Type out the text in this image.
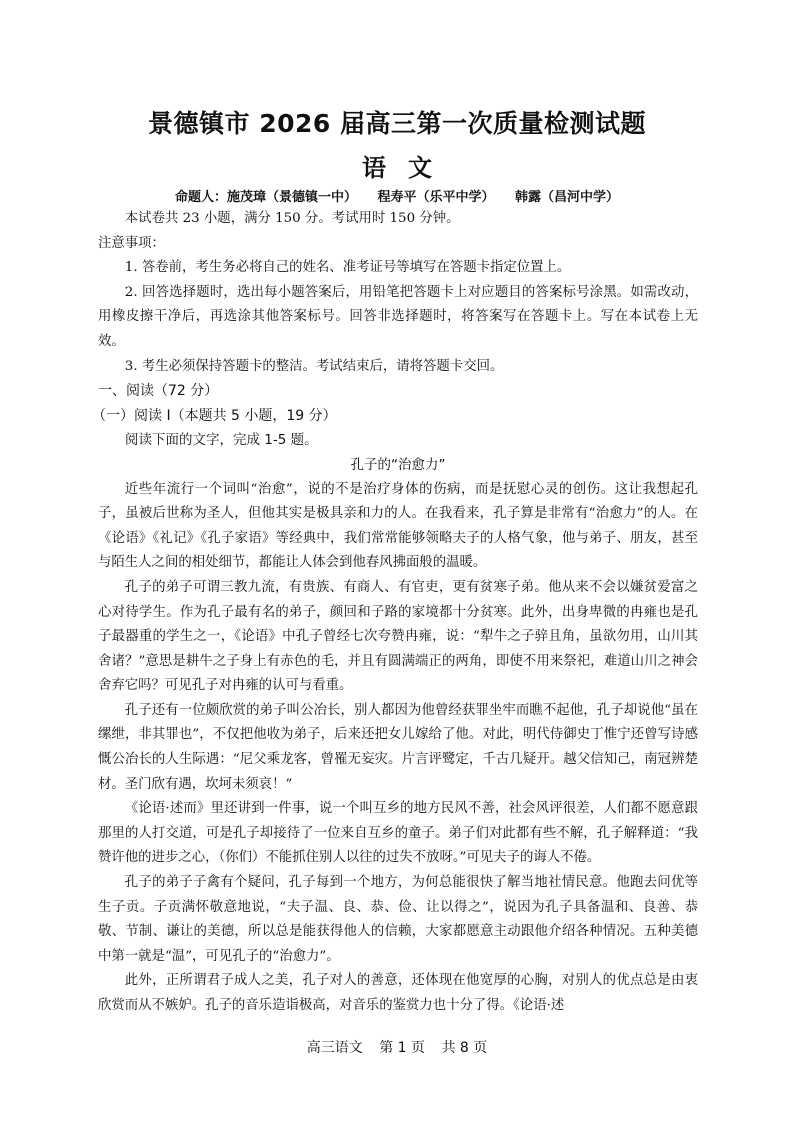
景德镇市 2026 届高三第一次质量检测试题
语文
命题人：施茂璋（景德镇一中） 程寿平（乐平中学） 韩露（昌河中学）

本试卷共 23 小题，满分 150 分。考试用时 150 分钟。

注意事项：

1. 答卷前，考生务必将自己的姓名、准考证号等填写在答题卡指定位置上。

2. 回答选择题时，选出每小题答案后，用铅笔把答题卡上对应题目的答案标号涂黑。如需改动，用橡皮擦干净后，再选涂其他答案标号。回答非选择题时，将答案写在答题卡上。写在本试卷上无效。

3. 考生必须保持答题卡的整洁。考试结束后，请将答题卡交回。

一、阅读（72 分）

（一）阅读 I（本题共 5 小题，19 分）

阅读下面的文字，完成 1-5 题。

孔子的“治愈力”

近些年流行一个词叫“治愈”，说的不是治疗身体的伤病，而是抚慰心灵的创伤。这让我想起孔子，虽被后世称为圣人，但他其实是极具亲和力的人。在我看来，孔子算是非常有“治愈力”的人。在《论语》《礼记》《孔子家语》等经典中，我们常常能够领略夫子的人格气象，他与弟子、朋友，甚至与陌生人之间的相处细节，都能让人体会到他春风拂面般的温暖。

孔子的弟子可谓三教九流，有贵族、有商人、有官吏，更有贫寒子弟。他从来不会以嫌贫爱富之心对待学生。作为孔子最有名的弟子，颜回和子路的家境都十分贫寒。此外，出身卑微的冉雍也是孔子最器重的学生之一，《论语》中孔子曾经七次夸赞冉雍，说：“犁牛之子骍且角，虽欲勿用，山川其舍诸？”意思是耕牛之子身上有赤色的毛，并且有圆满端正的两角，即使不用来祭祀，难道山川之神会舍弃它吗？可见孔子对冉雍的认可与看重。

孔子还有一位颇欣赏的弟子叫公冶长，别人都因为他曾经获罪坐牢而瞧不起他，孔子却说他“虽在缧绁，非其罪也”，不仅把他收为弟子，后来还把女儿嫁给了他。对此，明代侍御史丁惟宁还曾写诗感慨公冶长的人生际遇：“尼父乘龙客，曾罹无妄灾。片言评鹭定，千古几疑开。越父信知己，南冠辨楚材。圣门欣有遇，坎坷未须哀！”

《论语·述而》里还讲到一件事，说一个叫互乡的地方民风不善，社会风评很差，人们都不愿意跟那里的人打交道，可是孔子却接待了一位来自互乡的童子。弟子们对此都有些不解，孔子解释道：“我赞许他的进步之心，（你们）不能抓住别人以往的过失不放呀。”可见夫子的诲人不倦。

孔子的弟子子禽有个疑问，孔子每到一个地方，为何总能很快了解当地社情民意。他跑去问优等生子贡。子贡满怀敬意地说，“夫子温、良、恭、俭、让以得之”，说因为孔子具备温和、良善、恭敬、节制、谦让的美德，所以总是能获得他人的信赖，大家都愿意主动跟他介绍各种情况。五种美德中第一就是“温”，可见孔子的“治愈力”。

此外，正所谓君子成人之美，孔子对人的善意，还体现在他宽厚的心胸，对别人的优点总是由衷欣赏而从不嫉妒。孔子的音乐造诣极高，对音乐的鉴赏力也十分了得。《论语·述

高三语文 第 1 页 共 8 页
